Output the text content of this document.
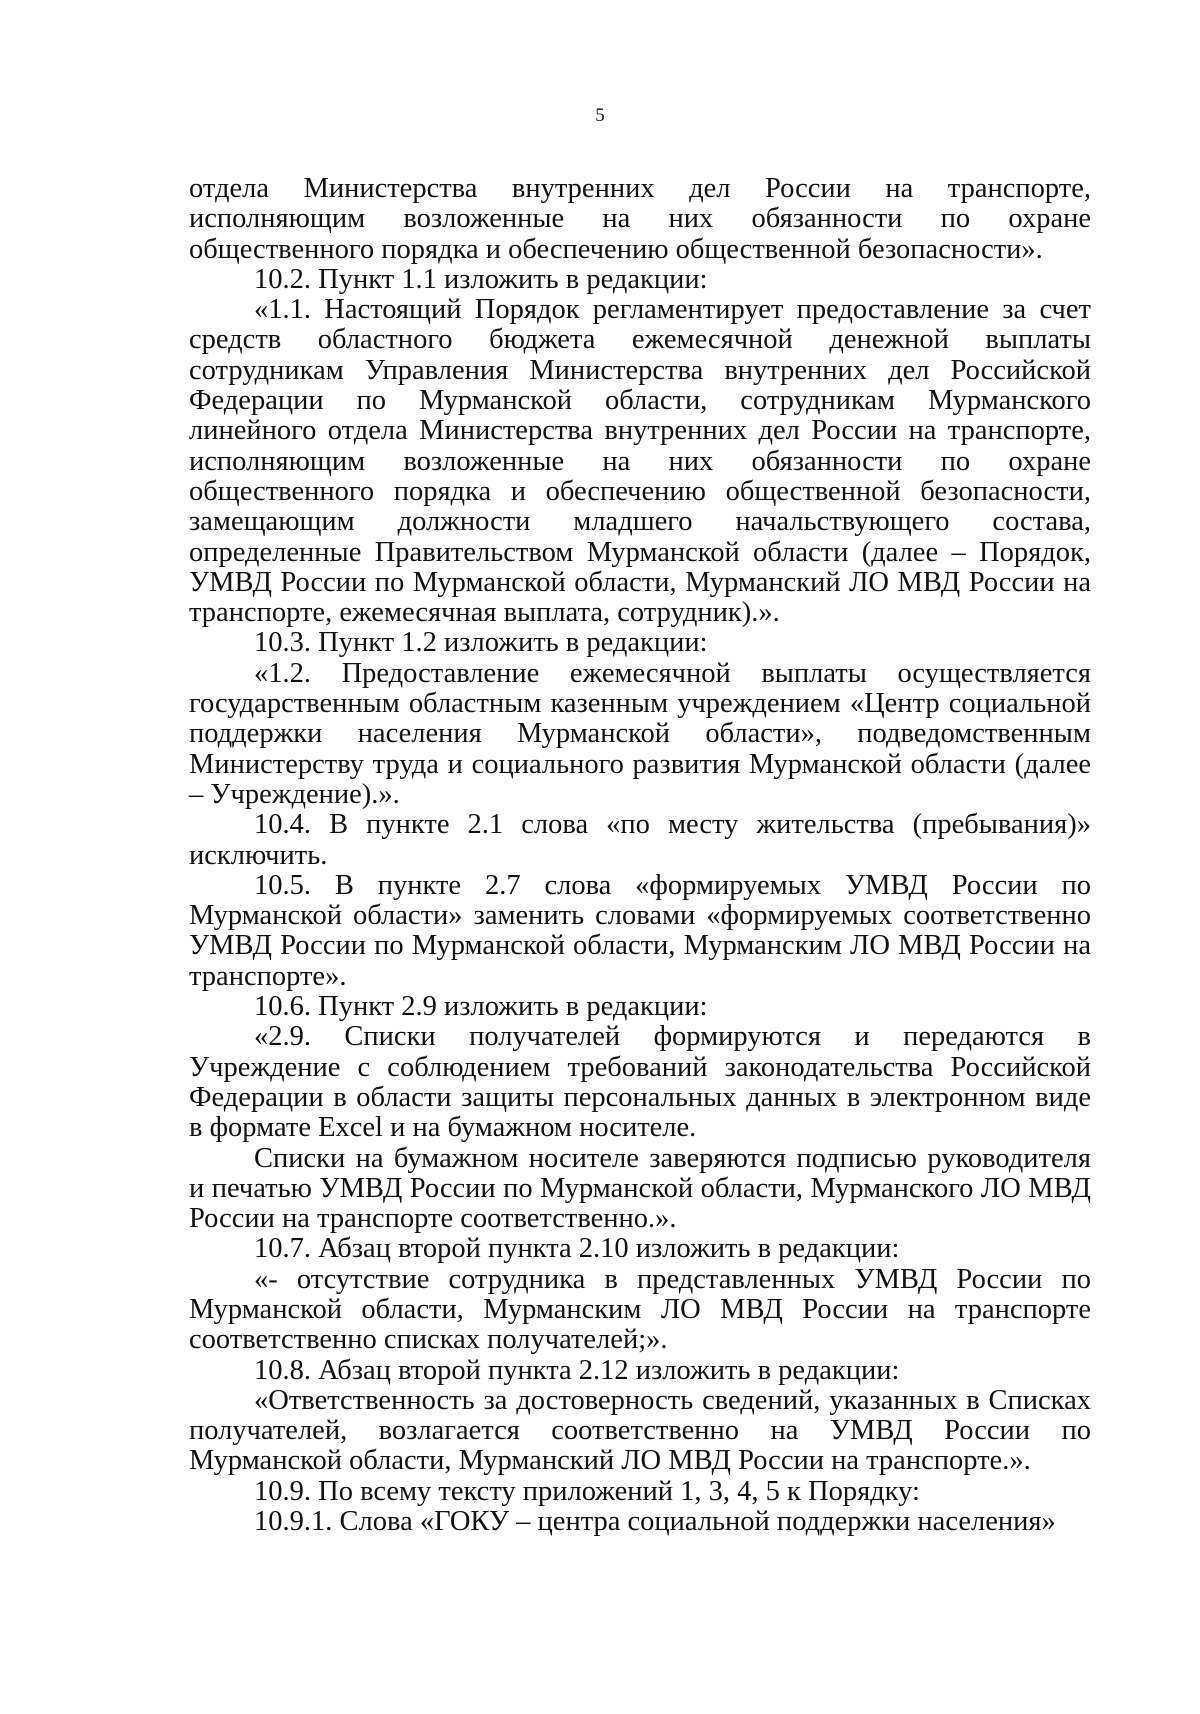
5

отдела Министерства внутренних дел России на транспорте, исполняющим возложенные на них обязанности по охране общественного порядка и обеспечению общественной безопасности».

10.2. Пункт 1.1 изложить в редакции:

«1.1. Настоящий Порядок регламентирует предоставление за счет средств областного бюджета ежемесячной денежной выплаты сотрудникам Управления Министерства внутренних дел Российской Федерации по Мурманской области, сотрудникам Мурманского линейного отдела Министерства внутренних дел России на транспорте, исполняющим возложенные на них обязанности по охране общественного порядка и обеспечению общественной безопасности, замещающим должности младшего начальствующего состава, определенные Правительством Мурманской области (далее – Порядок, УМВД России по Мурманской области, Мурманский ЛО МВД России на транспорте, ежемесячная выплата, сотрудник).».

10.3. Пункт 1.2 изложить в редакции:

«1.2. Предоставление ежемесячной выплаты осуществляется государственным областным казенным учреждением «Центр социальной поддержки населения Мурманской области», подведомственным Министерству труда и социального развития Мурманской области (далее – Учреждение).».

10.4. В пункте 2.1 слова «по месту жительства (пребывания)» исключить.

10.5. В пункте 2.7 слова «формируемых УМВД России по Мурманской области» заменить словами «формируемых соответственно УМВД России по Мурманской области, Мурманским ЛО МВД России на транспорте».

10.6. Пункт 2.9 изложить в редакции:

«2.9. Списки получателей формируются и передаются в Учреждение с соблюдением требований законодательства Российской Федерации в области защиты персональных данных в электронном виде в формате Excel и на бумажном носителе.

Списки на бумажном носителе заверяются подписью руководителя и печатью УМВД России по Мурманской области, Мурманского ЛО МВД России на транспорте соответственно.».

10.7. Абзац второй пункта 2.10 изложить в редакции:

«- отсутствие сотрудника в представленных УМВД России по Мурманской области, Мурманским ЛО МВД России на транспорте соответственно списках получателей;».

10.8. Абзац второй пункта 2.12 изложить в редакции:

«Ответственность за достоверность сведений, указанных в Списках получателей, возлагается соответственно на УМВД России по Мурманской области, Мурманский ЛО МВД России на транспорте.».

10.9. По всему тексту приложений 1, 3, 4, 5 к Порядку:

10.9.1. Слова «ГОКУ – центра социальной поддержки населения»
